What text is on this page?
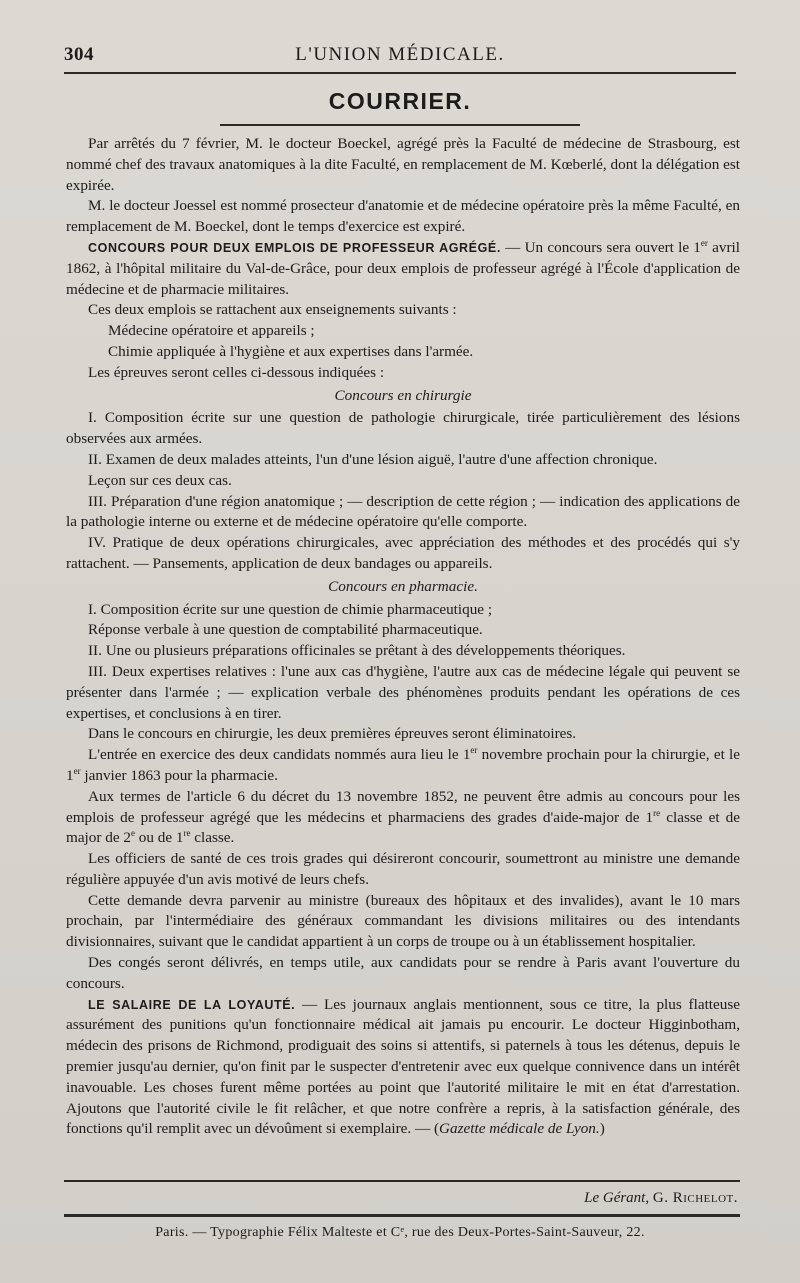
304	L'UNION MÉDICALE.
COURRIER.

Par arrêtés du 7 février, M. le docteur Boeckel, agrégé près la Faculté de médecine de Strasbourg, est nommé chef des travaux anatomiques à la dite Faculté, en remplacement de M. Kœberlé, dont la délégation est expirée.

M. le docteur Joessel est nommé prosecteur d'anatomie et de médecine opératoire près la même Faculté, en remplacement de M. Boeckel, dont le temps d'exercice est expiré.

CONCOURS POUR DEUX EMPLOIS DE PROFESSEUR AGRÉGÉ. — Un concours sera ouvert le 1er avril 1862, à l'hôpital militaire du Val-de-Grâce, pour deux emplois de professeur agrégé à l'École d'application de médecine et de pharmacie militaires.

Ces deux emplois se rattachent aux enseignements suivants :

Médecine opératoire et appareils ;

Chimie appliquée à l'hygiène et aux expertises dans l'armée.

Les épreuves seront celles ci-dessous indiquées :

Concours en chirurgie

I. Composition écrite sur une question de pathologie chirurgicale, tirée particulièrement des lésions observées aux armées.

II. Examen de deux malades atteints, l'un d'une lésion aiguë, l'autre d'une affection chronique.

Leçon sur ces deux cas.

III. Préparation d'une région anatomique ; — description de cette région ; — indication des applications de la pathologie interne ou externe et de médecine opératoire qu'elle comporte.

IV. Pratique de deux opérations chirurgicales, avec appréciation des méthodes et des procédés qui s'y rattachent. — Pansements, application de deux bandages ou appareils.

Concours en pharmacie.

I. Composition écrite sur une question de chimie pharmaceutique ;

Réponse verbale à une question de comptabilité pharmaceutique.

II. Une ou plusieurs préparations officinales se prêtant à des développements théoriques.

III. Deux expertises relatives : l'une aux cas d'hygiène, l'autre aux cas de médecine légale qui peuvent se présenter dans l'armée ; — explication verbale des phénomènes produits pendant les opérations de ces expertises, et conclusions à en tirer.

Dans le concours en chirurgie, les deux premières épreuves seront éliminatoires.

L'entrée en exercice des deux candidats nommés aura lieu le 1er novembre prochain pour la chirurgie, et le 1er janvier 1863 pour la pharmacie.

Aux termes de l'article 6 du décret du 13 novembre 1852, ne peuvent être admis au concours pour les emplois de professeur agrégé que les médecins et pharmaciens des grades d'aide-major de 1re classe et de major de 2e ou de 1re classe.

Les officiers de santé de ces trois grades qui désireront concourir, soumettront au ministre une demande régulière appuyée d'un avis motivé de leurs chefs.

Cette demande devra parvenir au ministre (bureaux des hôpitaux et des invalides), avant le 10 mars prochain, par l'intermédiaire des généraux commandant les divisions militaires ou des intendants divisionnaires, suivant que le candidat appartient à un corps de troupe ou à un établissement hospitalier.

Des congés seront délivrés, en temps utile, aux candidats pour se rendre à Paris avant l'ouverture du concours.

LE SALAIRE DE LA LOYAUTÉ. — Les journaux anglais mentionnent, sous ce titre, la plus flatteuse assurément des punitions qu'un fonctionnaire médical ait jamais pu encourir. Le docteur Higginbotham, médecin des prisons de Richmond, prodiguait des soins si attentifs, si paternels à tous les détenus, depuis le premier jusqu'au dernier, qu'on finit par le suspecter d'entretenir avec eux quelque connivence dans un intérêt inavouable. Les choses furent même portées au point que l'autorité militaire le mit en état d'arrestation. Ajoutons que l'autorité civile le fit relâcher, et que notre confrère a repris, à la satisfaction générale, des fonctions qu'il remplit avec un dévoûment si exemplaire. — (Gazette médicale de Lyon.)

Le Gérant, G. Richelot.
Paris. — Typographie Félix Malteste et Cᵉ, rue des Deux-Portes-Saint-Sauveur, 22.
